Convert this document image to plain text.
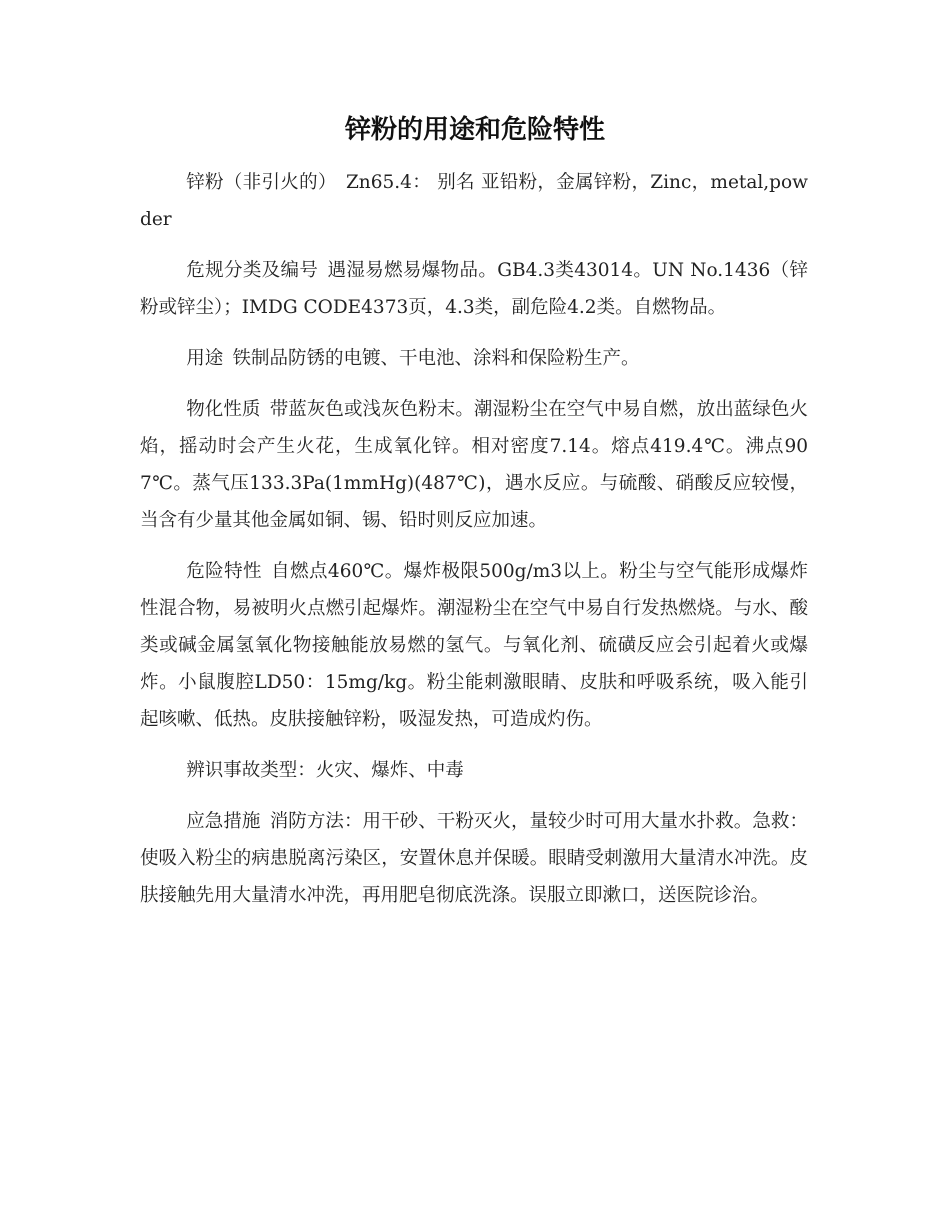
锌粉的用途和危险特性

锌粉（非引火的） Zn65.4： 别名 亚铅粉，金属锌粉，Zinc，metal,powder

危规分类及编号 遇湿易燃易爆物品。GB4.3类43014。UN No.1436（锌粉或锌尘）；IMDG CODE4373页，4.3类，副危险4.2类。自燃物品。

用途 铁制品防锈的电镀、干电池、涂料和保险粉生产。

物化性质 带蓝灰色或浅灰色粉末。潮湿粉尘在空气中易自燃，放出蓝绿色火焰，摇动时会产生火花，生成氧化锌。相对密度7.14。熔点419.4℃。沸点907℃。蒸气压133.3Pa(1mmHg)(487℃)，遇水反应。与硫酸、硝酸反应较慢，当含有少量其他金属如铜、锡、铅时则反应加速。

危险特性 自燃点460℃。爆炸极限500g/m3以上。粉尘与空气能形成爆炸性混合物，易被明火点燃引起爆炸。潮湿粉尘在空气中易自行发热燃烧。与水、酸类或碱金属氢氧化物接触能放易燃的氢气。与氧化剂、硫磺反应会引起着火或爆炸。小鼠腹腔LD50：15mg/kg。粉尘能刺激眼睛、皮肤和呼吸系统，吸入能引起咳嗽、低热。皮肤接触锌粉，吸湿发热，可造成灼伤。

辨识事故类型：火灾、爆炸、中毒

应急措施 消防方法：用干砂、干粉灭火，量较少时可用大量水扑救。急救：使吸入粉尘的病患脱离污染区，安置休息并保暖。眼睛受刺激用大量清水冲洗。皮肤接触先用大量清水冲洗，再用肥皂彻底洗涤。误服立即漱口，送医院诊治。
